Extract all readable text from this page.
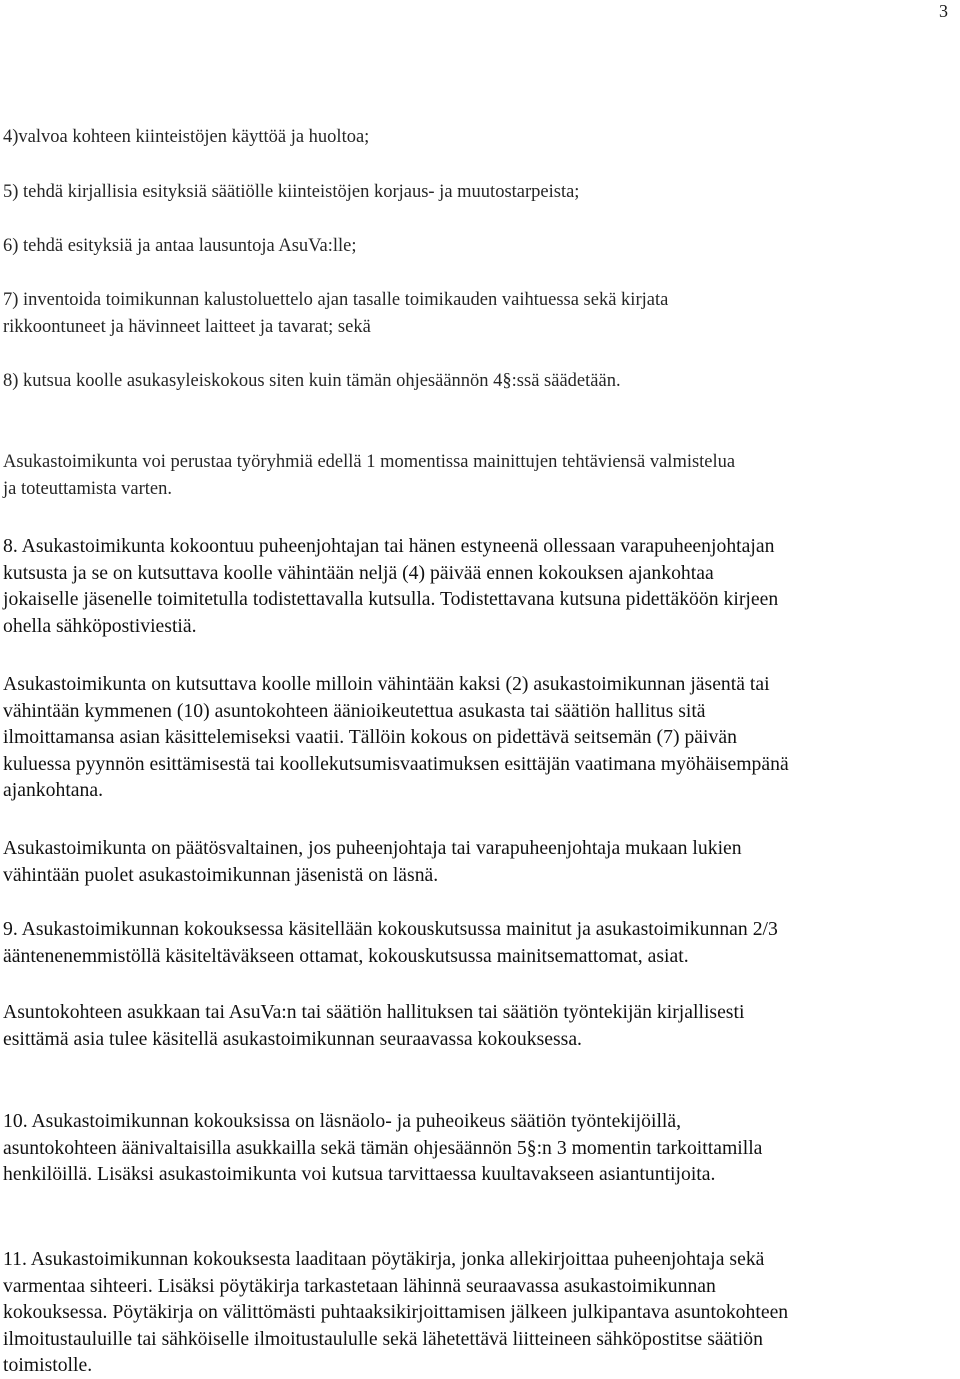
3
4)valvoa kohteen kiinteistöjen käyttöä ja huoltoa;
5) tehdä kirjallisia esityksiä säätiölle kiinteistöjen korjaus- ja muutostarpeista;
6) tehdä esityksiä ja antaa lausuntoja AsuVa:lle;
7) inventoida toimikunnan kalustoluettelo ajan tasalle toimikauden vaihtuessa sekä kirjata
rikkoontuneet ja hävinneet laitteet ja tavarat; sekä
8) kutsua koolle asukasyleiskokous siten kuin tämän ohjesäännön 4§:ssä säädetään.
Asukastoimikunta voi perustaa työryhmiä edellä 1 momentissa mainittujen tehtäviensä valmistelua
ja toteuttamista varten.
8. Asukastoimikunta kokoontuu puheenjohtajan tai hänen estyneenä ollessaan varapuheenjohtajan
kutsusta ja se on kutsuttava koolle vähintään neljä (4) päivää ennen kokouksen ajankohtaa
jokaiselle jäsenelle toimitetulla todistettavalla kutsulla. Todistettavana kutsuna pidettäköön kirjeen
ohella sähköpostiviestiä.
Asukastoimikunta on kutsuttava koolle milloin vähintään kaksi (2) asukastoimikunnan jäsentä tai
vähintään kymmenen (10) asuntokohteen äänioikeutettua asukasta tai säätiön hallitus sitä
ilmoittamansa asian käsittelemiseksi vaatii. Tällöin kokous on pidettävä seitsemän (7) päivän
kuluessa pyynnön esittämisestä tai koollekutsumisvaatimuksen esittäjän vaatimana myöhäisempänä
ajankohtana.
Asukastoimikunta on päätösvaltainen, jos puheenjohtaja tai varapuheenjohtaja mukaan lukien
vähintään puolet asukastoimikunnan jäsenistä on läsnä.
9. Asukastoimikunnan kokouksessa käsitellään kokouskutsussa mainitut ja asukastoimikunnan 2/3
ääntenenemmistöllä käsiteltäväkseen ottamat, kokouskutsussa mainitsemattomat, asiat.
Asuntokohteen asukkaan tai AsuVa:n tai säätiön hallituksen tai säätiön työntekijän kirjallisesti
esittämä asia tulee käsitellä asukastoimikunnan seuraavassa kokouksessa.
10. Asukastoimikunnan kokouksissa on läsnäolo- ja puheoikeus säätiön työntekijöillä,
asuntokohteen äänivaltaisilla asukkailla sekä tämän ohjesäännön 5§:n 3 momentin tarkoittamilla
henkilöillä. Lisäksi asukastoimikunta voi kutsua tarvittaessa kuultavakseen asiantuntijoita.
11. Asukastoimikunnan kokouksesta laaditaan pöytäkirja, jonka allekirjoittaa puheenjohtaja sekä
varmentaa sihteeri. Lisäksi pöytäkirja tarkastetaan lähinnä seuraavassa asukastoimikunnan
kokouksessa. Pöytäkirja on välittömästi puhtaaksikirjoittamisen jälkeen julkipantava asuntokohteen
ilmoitustauluille tai sähköiselle ilmoitustaululle sekä lähetettävä liitteineen sähköpostitse säätiön
toimistolle.
